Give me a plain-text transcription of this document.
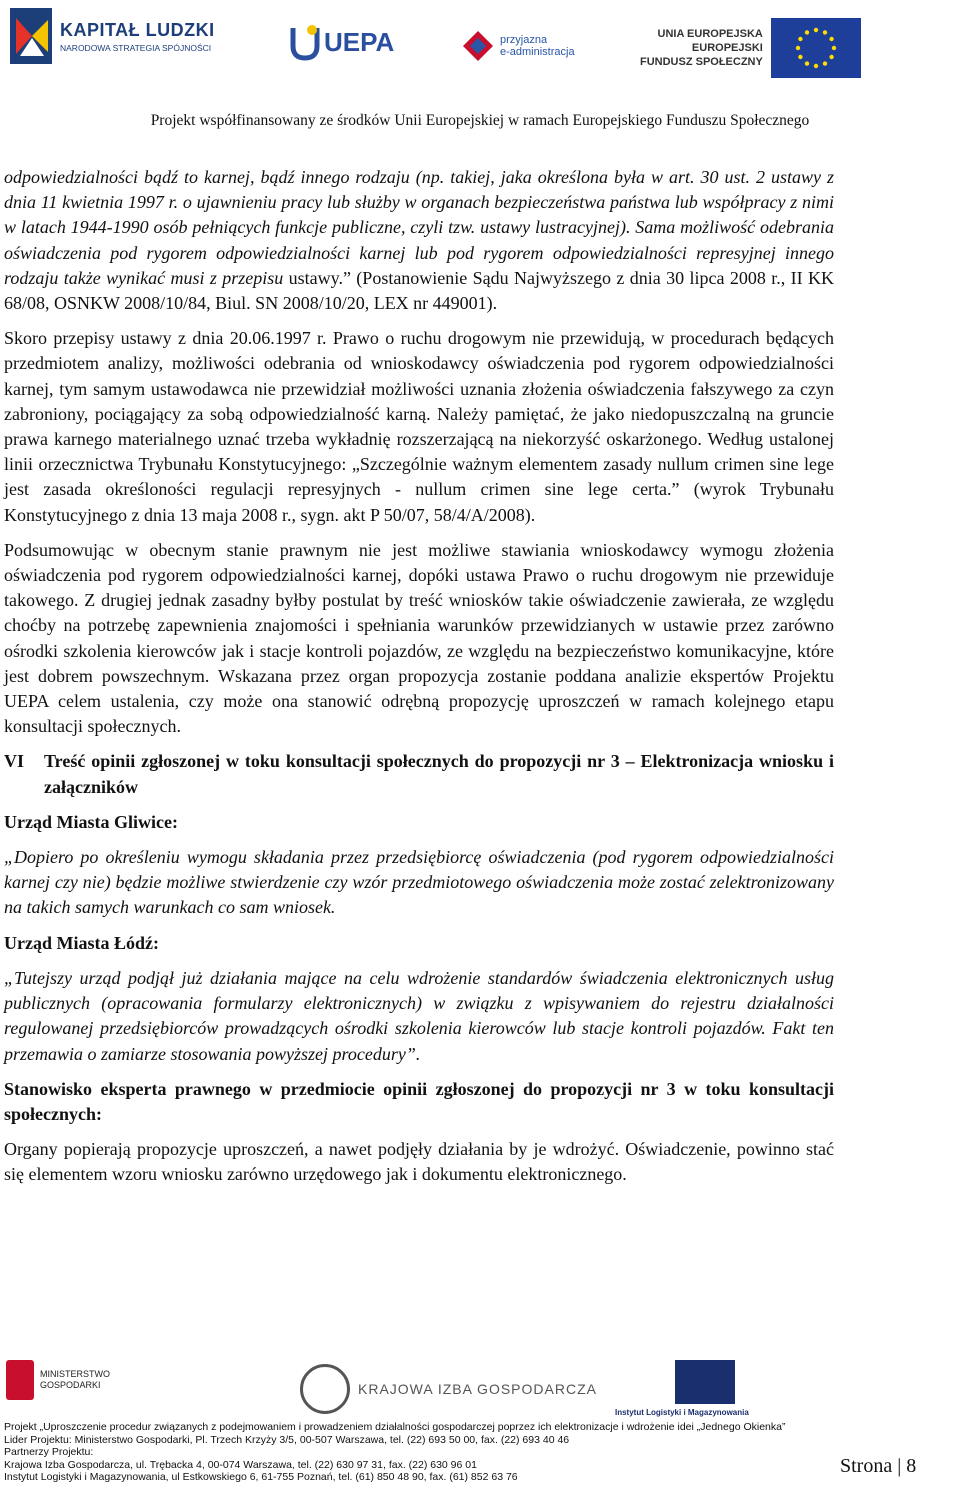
KAPITAŁ LUDZKI
NARODOWA STRATEGIA SPÓJNOŚCI	UEPA	przyjazna
e-administracja
UNIA EUROPEJSKA
EUROPEJSKI
FUNDUSZ SPOŁECZNY
Projekt współfinansowany ze środków Unii Europejskiej w ramach Europejskiego Funduszu Społecznego

odpowiedzialności bądź to karnej, bądź innego rodzaju (np. takiej, jaka określona była w art. 30 ust. 2 ustawy z dnia 11 kwietnia 1997 r. o ujawnieniu pracy lub służby w organach bezpieczeństwa państwa lub współpracy z nimi w latach 1944-1990 osób pełniących funkcje publiczne, czyli tzw. ustawy lustracyjnej). Sama możliwość odebrania oświadczenia pod rygorem odpowiedzialności karnej lub pod rygorem odpowiedzialności represyjnej innego rodzaju także wynikać musi z przepisu ustawy.” (Postanowienie Sądu Najwyższego z dnia 30 lipca 2008 r., II KK 68/08, OSNKW 2008/10/84, Biul. SN 2008/10/20, LEX nr 449001).

Skoro przepisy ustawy z dnia 20.06.1997 r. Prawo o ruchu drogowym nie przewidują, w procedurach będących przedmiotem analizy, możliwości odebrania od wnioskodawcy oświadczenia pod rygorem odpowiedzialności karnej, tym samym ustawodawca nie przewidział możliwości uznania złożenia oświadczenia fałszywego za czyn zabroniony, pociągający za sobą odpowiedzialność karną. Należy pamiętać, że jako niedopuszczalną na gruncie prawa karnego materialnego uznać trzeba wykładnię rozszerzającą na niekorzyść oskarżonego. Według ustalonej linii orzecznictwa Trybunału Konstytucyjnego: „Szczególnie ważnym elementem zasady nullum crimen sine lege jest zasada określoności regulacji represyjnych - nullum crimen sine lege certa.” (wyrok Trybunału Konstytucyjnego z dnia 13 maja 2008 r., sygn. akt P 50/07, 58/4/A/2008).

Podsumowując w obecnym stanie prawnym nie jest możliwe stawiania wnioskodawcy wymogu złożenia oświadczenia pod rygorem odpowiedzialności karnej, dopóki ustawa Prawo o ruchu drogowym nie przewiduje takowego. Z drugiej jednak zasadny byłby postulat by treść wniosków takie oświadczenie zawierała, ze względu choćby na potrzebę zapewnienia znajomości i spełniania warunków przewidzianych w ustawie przez zarówno ośrodki szkolenia kierowców jak i stacje kontroli pojazdów, ze względu na bezpieczeństwo komunikacyjne, które jest dobrem powszechnym. Wskazana przez organ propozycja zostanie poddana analizie ekspertów Projektu UEPA celem ustalenia, czy może ona stanowić odrębną propozycję uproszczeń w ramach kolejnego etapu konsultacji społecznych.

VI	Treść opinii zgłoszonej w toku konsultacji społecznych do propozycji nr 3 – Elektronizacja wniosku i załączników

Urząd Miasta Gliwice:

„Dopiero po określeniu wymogu składania przez przedsiębiorcę oświadczenia (pod rygorem odpowiedzialności karnej czy nie) będzie możliwe stwierdzenie czy wzór przedmiotowego oświadczenia może zostać zelektronizowany na takich samych warunkach co sam wniosek.

Urząd Miasta Łódź:

„Tutejszy urząd podjął już działania mające na celu wdrożenie standardów świadczenia elektronicznych usług publicznych (opracowania formularzy elektronicznych) w związku z wpisywaniem do rejestru działalności regulowanej przedsiębiorców prowadzących ośrodki szkolenia kierowców lub stacje kontroli pojazdów. Fakt ten przemawia o zamiarze stosowania powyższej procedury”.

Stanowisko eksperta prawnego w przedmiocie opinii zgłoszonej do propozycji nr 3 w toku konsultacji społecznych:

Organy popierają propozycje uproszczeń, a nawet podjęły działania by je wdrożyć. Oświadczenie, powinno stać się elementem wzoru wniosku zarówno urzędowego jak i dokumentu elektronicznego.

MINISTERSTWO
GOSPODARKI	KRAJOWA IZBA GOSPODARCZA
Instytut Logistyki i Magazynowania
Projekt „Uproszczenie procedur związanych z podejmowaniem i prowadzeniem działalności gospodarczej poprzez ich elektronizacje i wdrożenie idei „Jednego Okienka”
Lider Projektu: Ministerstwo Gospodarki, Pl. Trzech Krzyży 3/5, 00-507 Warszawa, tel. (22) 693 50 00, fax. (22) 693 40 46
Partnerzy Projektu:
Krajowa Izba Gospodarcza, ul. Trębacka 4, 00-074 Warszawa, tel. (22) 630 97 31, fax. (22) 630 96 01
Instytut Logistyki i Magazynowania, ul Estkowskiego 6, 61-755 Poznań, tel. (61) 850 48 90, fax. (61) 852 63 76
Strona | 8
